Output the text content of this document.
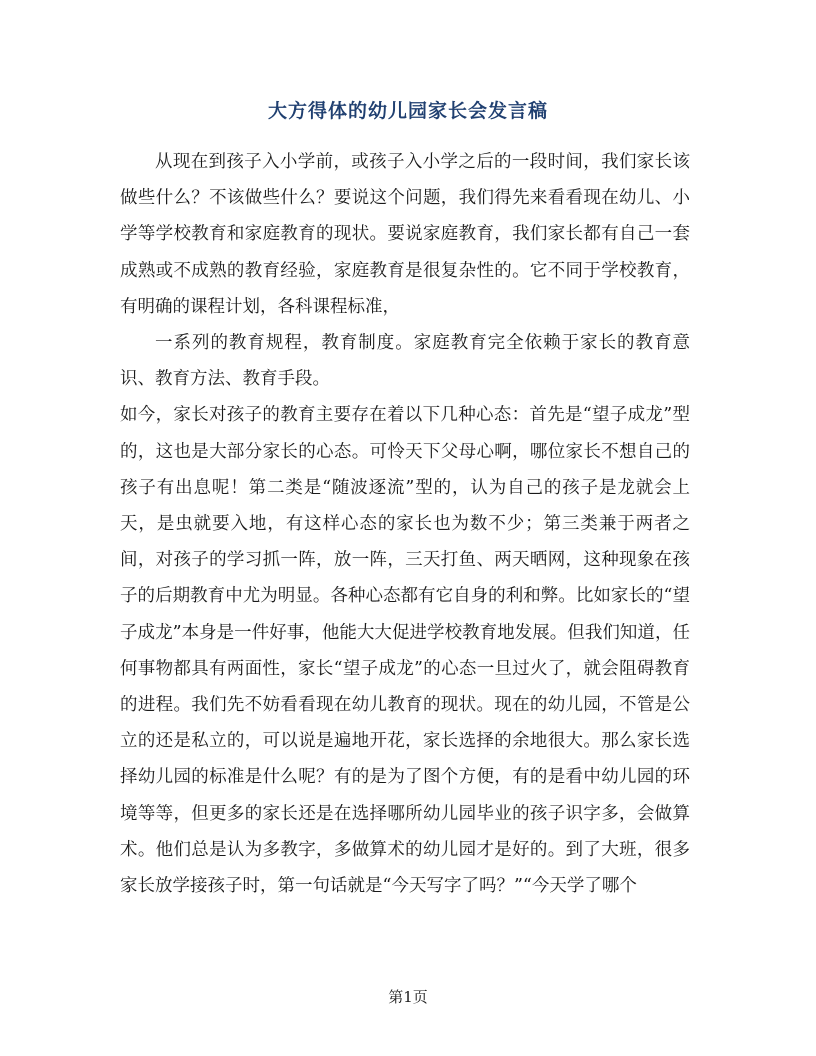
大方得体的幼儿园家长会发言稿

从现在到孩子入小学前，或孩子入小学之后的一段时间，我们家长该做些什么？不该做些什么？要说这个问题，我们得先来看看现在幼儿、小学等学校教育和家庭教育的现状。要说家庭教育，我们家长都有自己一套成熟或不成熟的教育经验，家庭教育是很复杂性的。它不同于学校教育，有明确的课程计划，各科课程标准，

一系列的教育规程，教育制度。家庭教育完全依赖于家长的教育意识、教育方法、教育手段。

如今，家长对孩子的教育主要存在着以下几种心态：首先是“望子成龙”型的，这也是大部分家长的心态。可怜天下父母心啊，哪位家长不想自己的孩子有出息呢！第二类是“随波逐流”型的，认为自己的孩子是龙就会上天，是虫就要入地，有这样心态的家长也为数不少；第三类兼于两者之间，对孩子的学习抓一阵，放一阵，三天打鱼、两天晒网，这种现象在孩子的后期教育中尤为明显。各种心态都有它自身的利和弊。比如家长的“望子成龙”本身是一件好事，他能大大促进学校教育地发展。但我们知道，任何事物都具有两面性，家长“望子成龙”的心态一旦过火了，就会阻碍教育的进程。我们先不妨看看现在幼儿教育的现状。现在的幼儿园，不管是公立的还是私立的，可以说是遍地开花，家长选择的余地很大。那么家长选择幼儿园的标准是什么呢？有的是为了图个方便，有的是看中幼儿园的环境等等，但更多的家长还是在选择哪所幼儿园毕业的孩子识字多，会做算术。他们总是认为多教字，多做算术的幼儿园才是好的。到了大班，很多家长放学接孩子时，第一句话就是“今天写字了吗？”“今天学了哪个

第1页
